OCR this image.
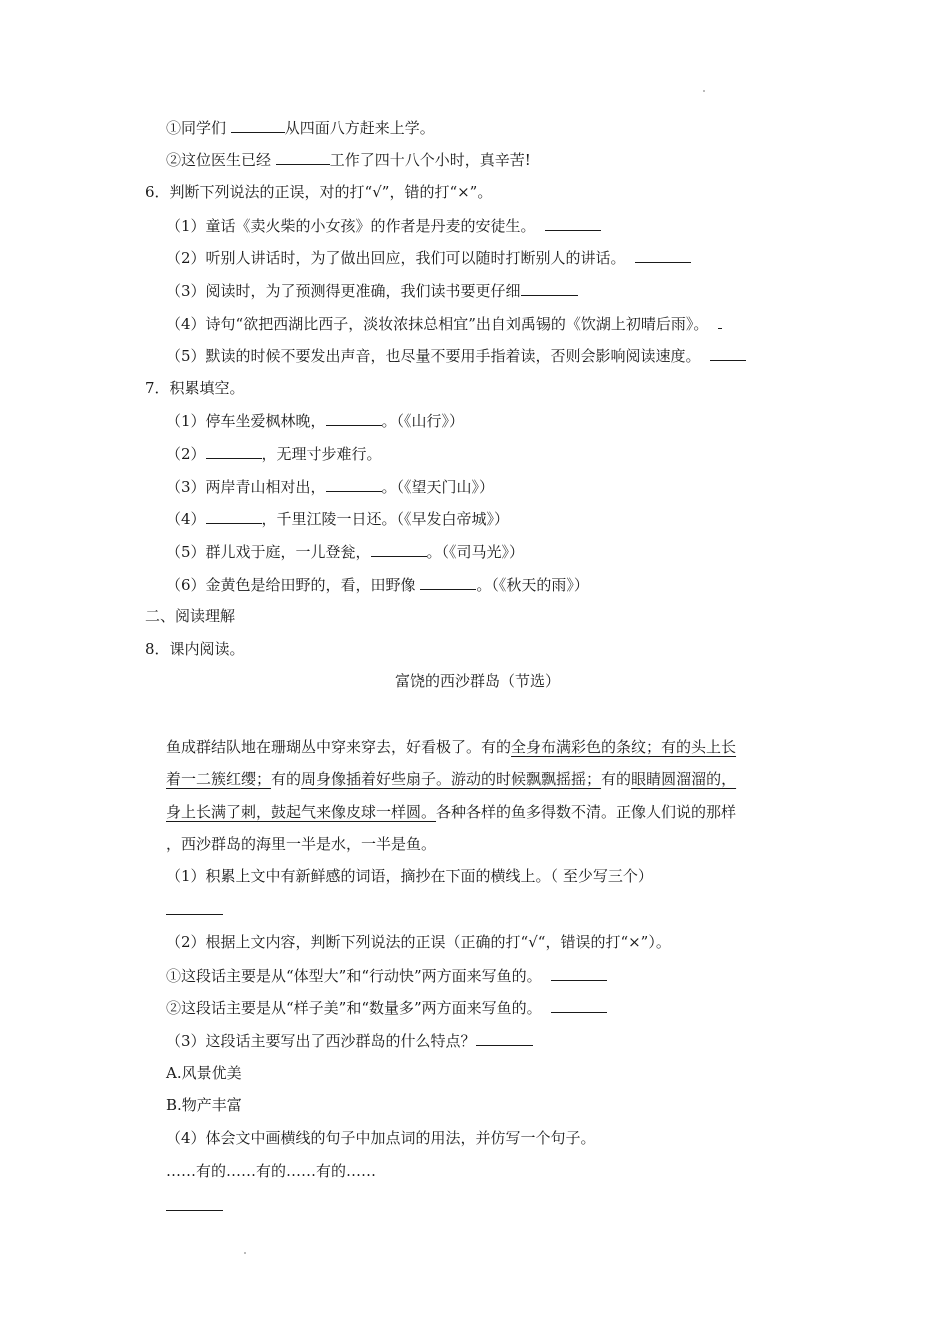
①同学们	从四面八方赶来上学。
②这位医生已经	工作了四十八个小时，真辛苦!
6．判断下列说法的正误，对的打“√”，错的打“×”。
（1）童话《卖火柴的小女孩》的作者是丹麦的安徒生。
（2）听别人讲话时，为了做出回应，我们可以随时打断别人的讲话。
（3）阅读时，为了预测得更准确，我们读书要更仔细
（4）诗句“欲把西湖比西子，淡妆浓抹总相宜”出自刘禹锡的《饮湖上初晴后雨》。
（5）默读的时候不要发出声音，也尽量不要用手指着读，否则会影响阅读速度。
7．积累填空。
（1）停车坐爱枫林晚，	。（《山行》）
（2）	，无理寸步难行。
（3）两岸青山相对出，	。（《望天门山》）
（4）	，千里江陵一日还。（《早发白帝城》）
（5）群儿戏于庭，一儿登瓮，	。（《司马光》）
（6）金黄色是给田野的，看，田野像	。（《秋天的雨》）
二、阅读理解
8．课内阅读。
富饶的西沙群岛（节选）
鱼成群结队地在珊瑚丛中穿来穿去，好看极了。有的全身布满彩色的条纹；有的头上长
着一二簇红缨；有的周身像插着好些扇子。游动的时候飘飘摇摇；有的眼睛圆溜溜的，
身上长满了刺，鼓起气来像皮球一样圆。各种各样的鱼多得数不清。正像人们说的那样
，西沙群岛的海里一半是水，一半是鱼。
（1）积累上文中有新鲜感的词语，摘抄在下面的横线上。（ 至少写三个）
（2）根据上文内容，判断下列说法的正误（正确的打“√“，错误的打“×”）。
①这段话主要是从“体型大”和“行动快”两方面来写鱼的。
②这段话主要是从“样子美”和“数量多”两方面来写鱼的。
（3）这段话主要写出了西沙群岛的什么特点？
A.风景优美
B.物产丰富
（4）体会文中画横线的句子中加点词的用法，并仿写一个句子。
……有的……有的……有的……
